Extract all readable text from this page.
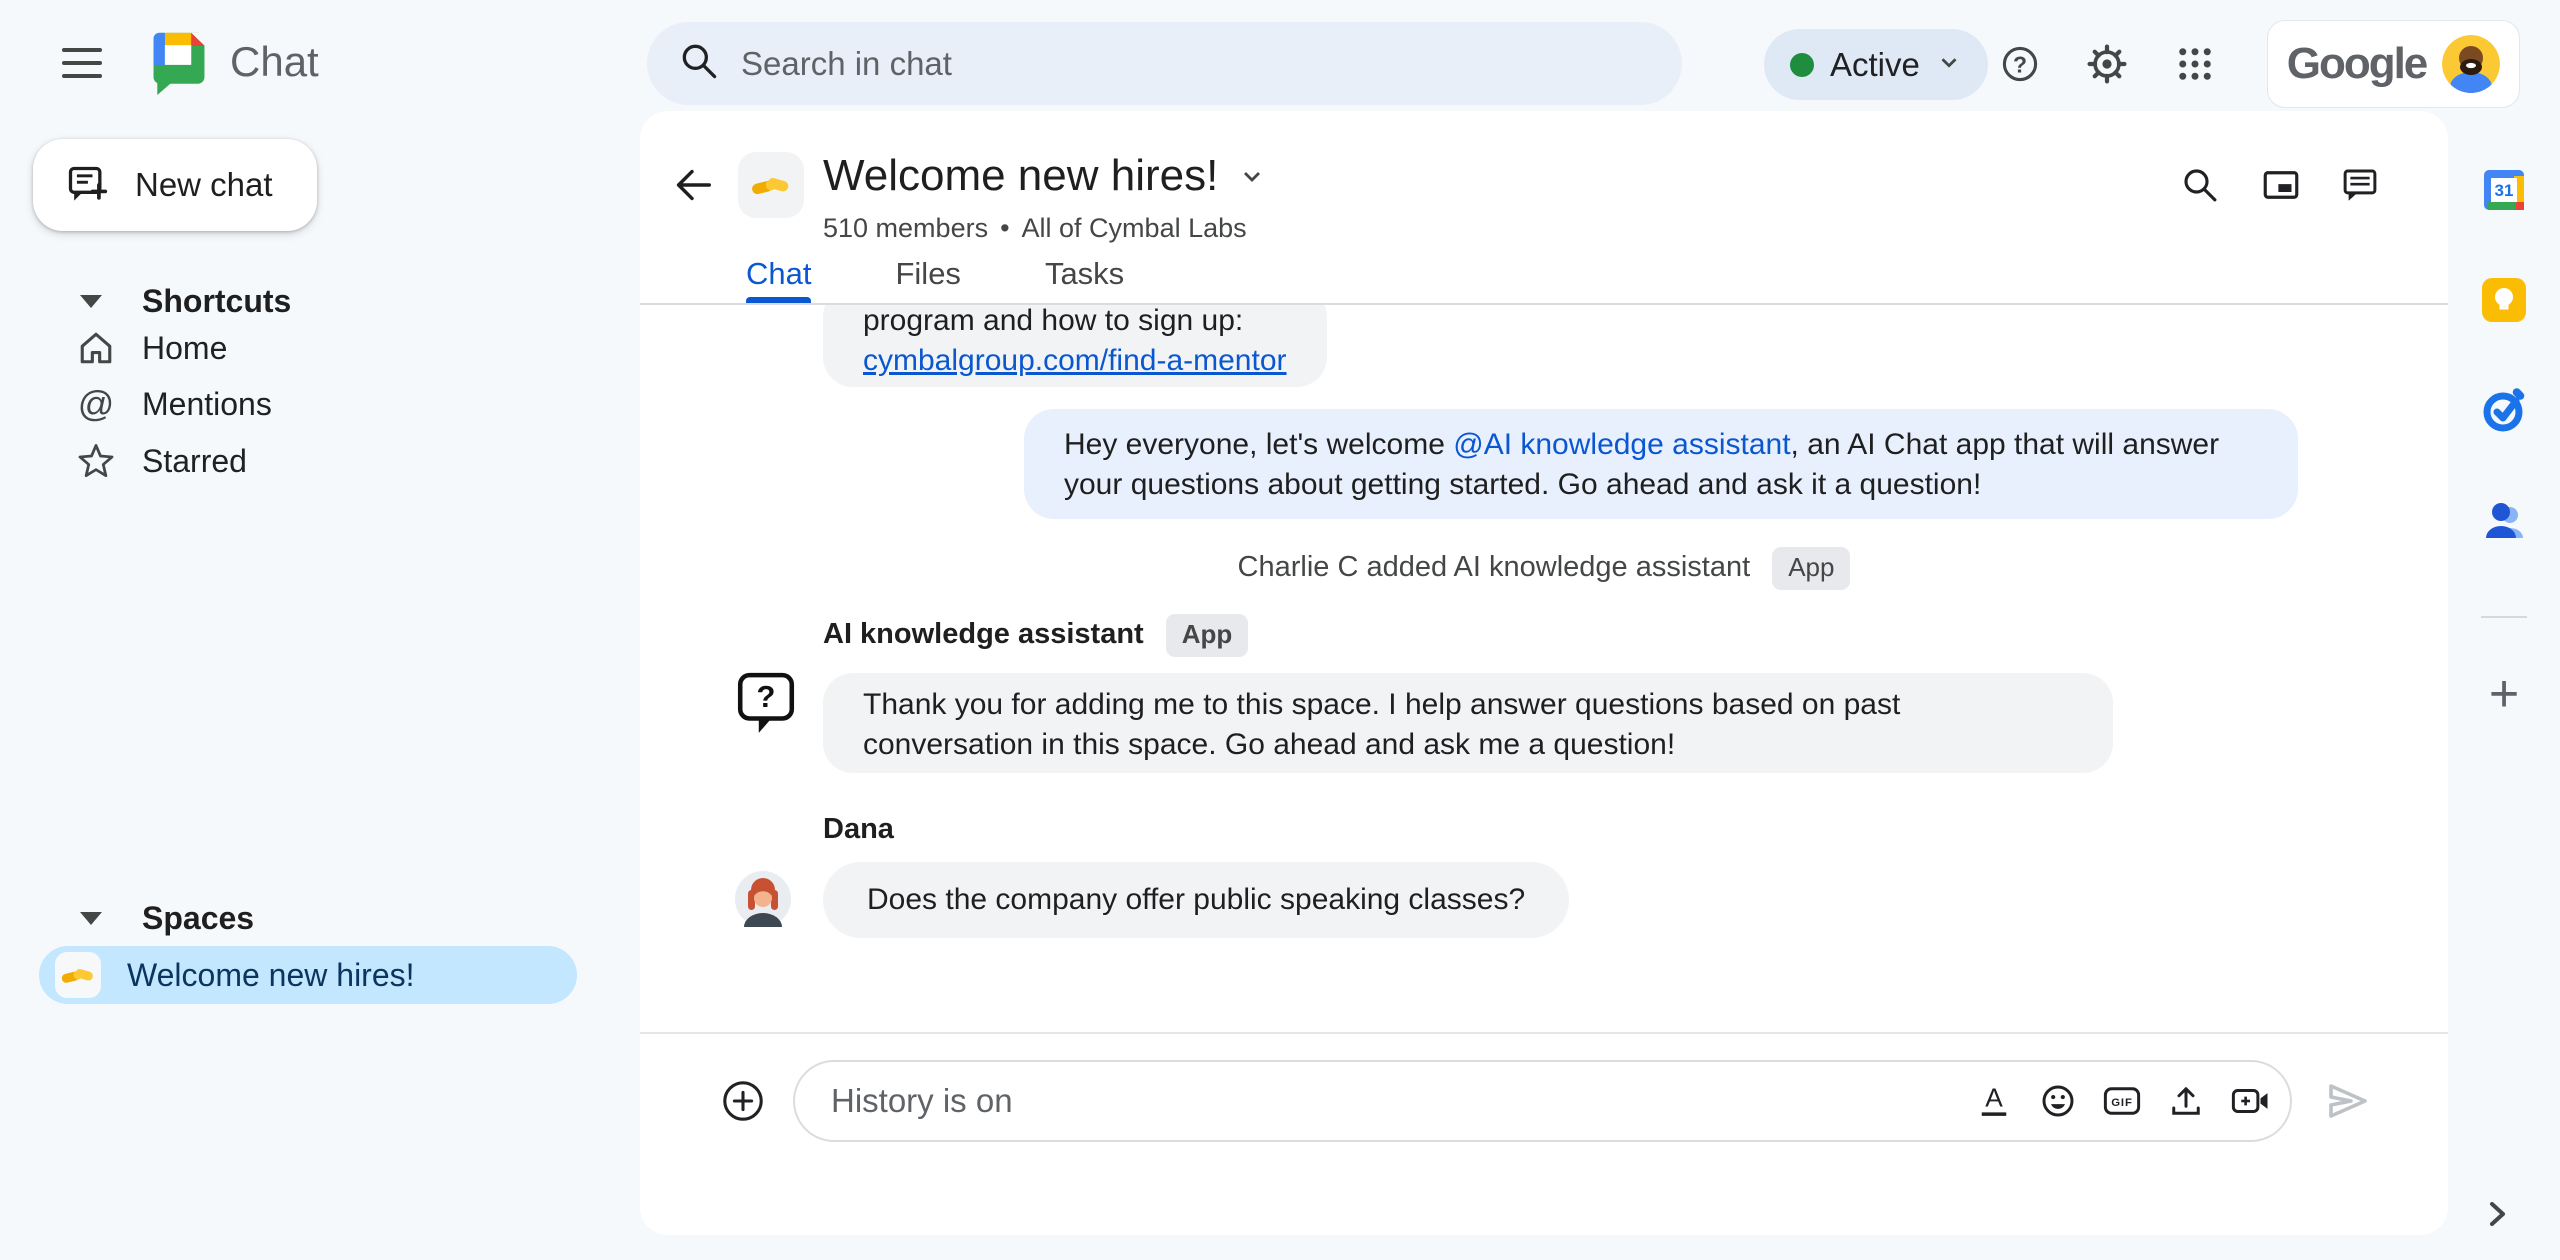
Chat
Search in chat	Active	?	Google
New chat
Shortcuts
Home
@ Mentions
Starred
Spaces
Welcome new hires!
Welcome new hires!
510 members • All of Cymbal Labs
Chat	Files	Tasks
program and how to sign up:
cymbalgroup.com/find-a-mentor
Hey everyone, let's welcome @AI knowledge assistant, an AI Chat app that will answer your questions about getting started. Go ahead and ask it a question!
Charlie C added AI knowledge assistant App
AI knowledge assistant App
?	Thank you for adding me to this space. I help answer questions based on past conversation in this space. Go ahead and ask me a question!
Dana
Does the company offer public speaking classes?
History is on
A	GIF
31
+
